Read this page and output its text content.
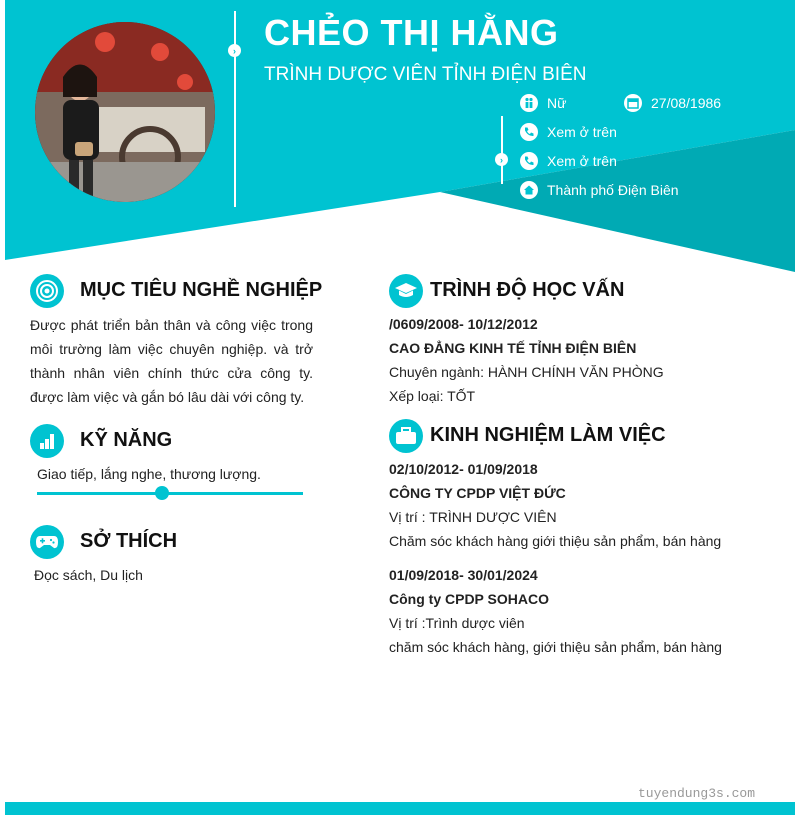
›
›
CHẺO THỊ HẰNG
TRÌNH DƯỢC VIÊN TỈNH ĐIỆN BIÊN
Nữ	27/08/1986
Xem ở trên
Xem ở trên
Thành phố Điện Biên
MỤC TIÊU NGHỀ NGHIỆP
Được phát triển bản thân và công việc trong môi trường làm việc chuyên nghiệp. và trở thành nhân viên chính thức cửa công ty. được làm việc và gắn bó lâu dài với công ty.
KỸ NĂNG
Giao tiếp, lắng nghe, thương lượng.
SỞ THÍCH
Đọc sách, Du lịch
TRÌNH ĐỘ HỌC VẤN
/0609/2008- 10/12/2012
CAO ĐẲNG KINH TẾ TỈNH ĐIỆN BIÊN
Chuyên ngành: HÀNH CHÍNH VĂN PHÒNG
Xếp loại: TỐT
KINH NGHIỆM LÀM VIỆC
02/10/2012- 01/09/2018
CÔNG TY CPDP VIỆT ĐỨC
Vị trí : TRÌNH DƯỢC VIÊN
Chăm sóc khách hàng giới thiệu sản phẩm, bán hàng
01/09/2018- 30/01/2024
Công ty CPDP SOHACO
Vị trí :Trình dược viên
chăm sóc khách hàng, giới thiệu sản phẩm, bán hàng
tuyendung3s.com
